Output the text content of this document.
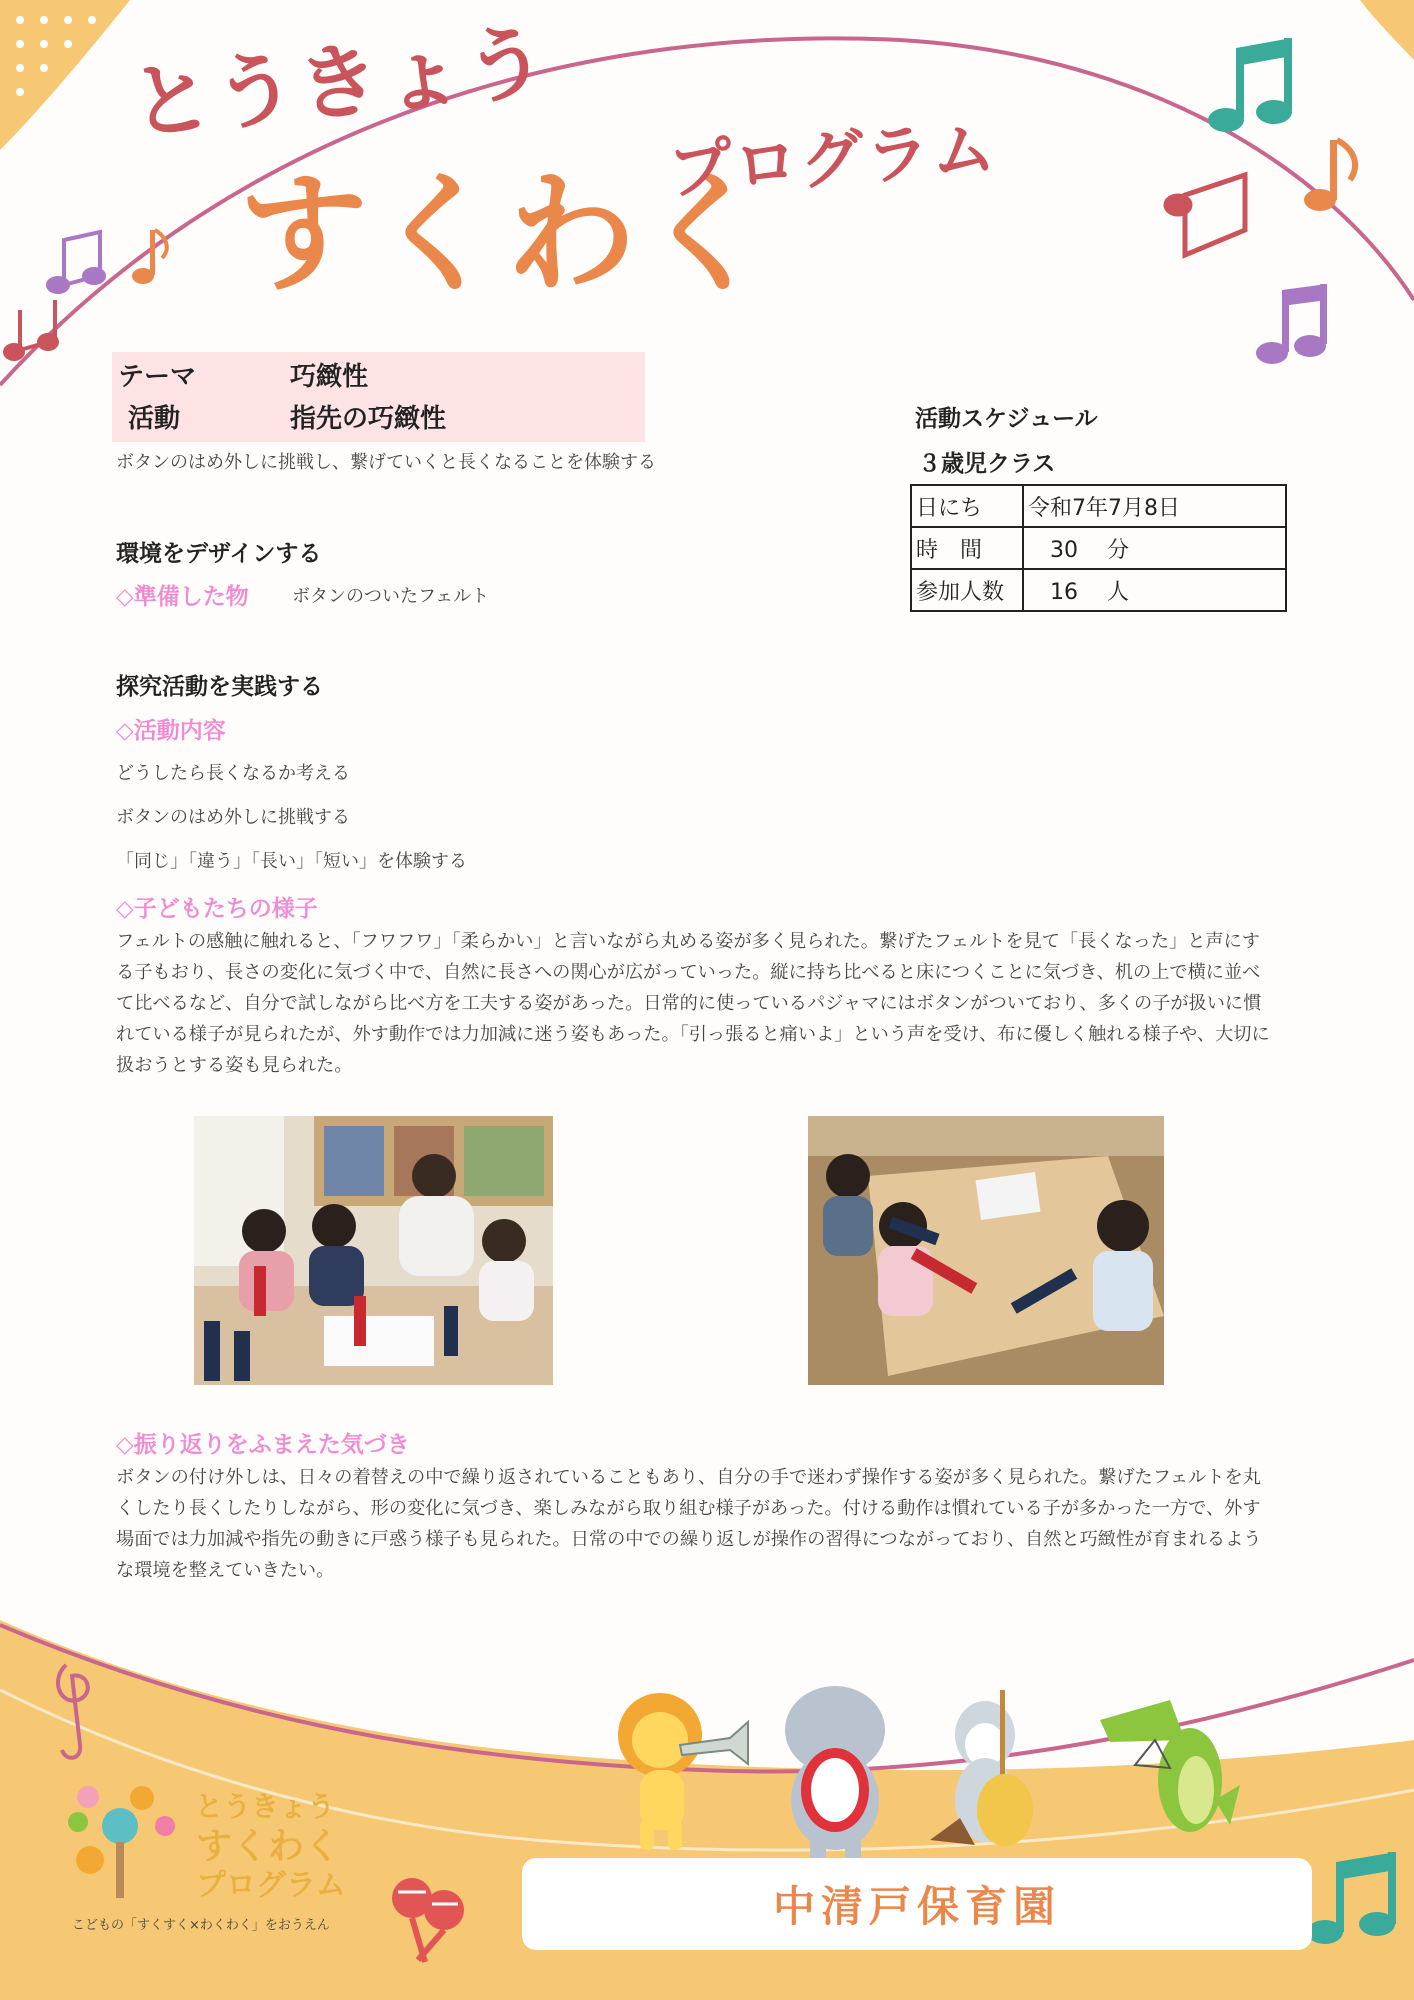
とうきょう
すくわく
プログラム
テーマ	巧緻性
活動	指先の巧緻性
ボタンのはめ外しに挑戦し、繋げていくと長くなることを体験する
環境をデザインする
◇準備した物 ボタンのついたフェルト
探究活動を実践する
◇活動内容
どうしたら長くなるか考える
ボタンのはめ外しに挑戦する
「同じ」「違う」「長い」「短い」を体験する
◇子どもたちの様子
フェルトの感触に触れると、「フワフワ」「柔らかい」と言いながら丸める姿が多く見られた。繋げたフェルトを見て「長くなった」と声にする子もおり、長さの変化に気づく中で、自然に長さへの関心が広がっていった。縦に持ち比べると床につくことに気づき、机の上で横に並べて比べるなど、自分で試しながら比べ方を工夫する姿があった。日常的に使っているパジャマにはボタンがついており、多くの子が扱いに慣れている様子が見られたが、外す動作では力加減に迷う姿もあった。「引っ張ると痛いよ」という声を受け、布に優しく触れる様子や、大切に扱おうとする姿も見られた。
活動スケジュール
３歳児クラス
日にち	令和7年7月8日
時　間	　30　 分
参加人数	　16　 人
◇振り返りをふまえた気づき
ボタンの付け外しは、日々の着替えの中で繰り返されていることもあり、自分の手で迷わず操作する姿が多く見られた。繋げたフェルトを丸くしたり長くしたりしながら、形の変化に気づき、楽しみながら取り組む様子があった。付ける動作は慣れている子が多かった一方で、外す場面では力加減や指先の動きに戸惑う様子も見られた。日常の中での繰り返しが操作の習得につながっており、自然と巧緻性が育まれるような環境を整えていきたい。
中清戸保育園
とうきょう
すくわく
プログラム
こどもの「すくすく×わくわく」をおうえん
